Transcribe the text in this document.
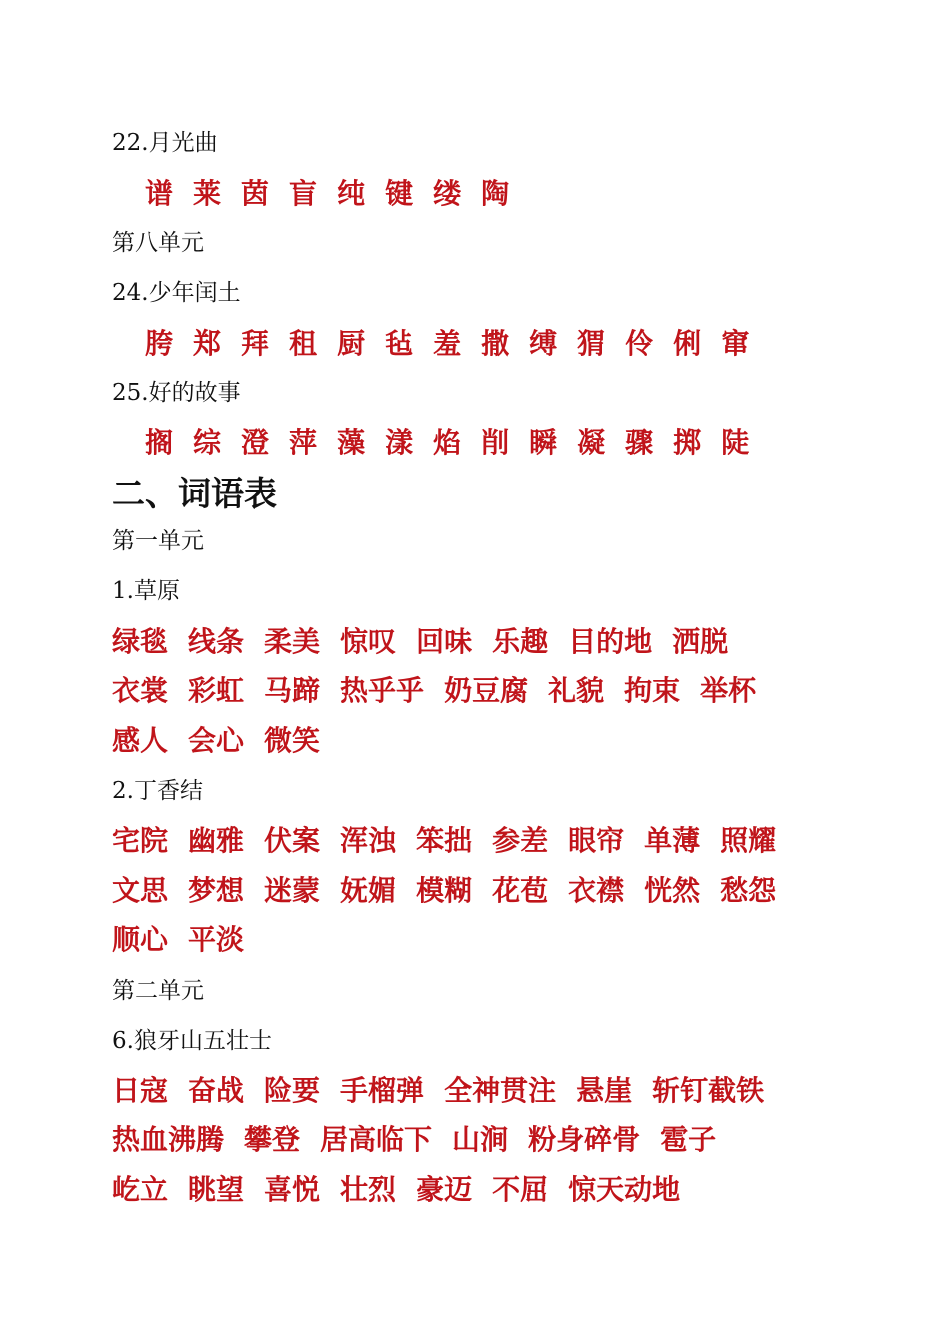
22.月光曲
谱 莱 茵 盲 纯 键 缕 陶
第八单元
24.少年闰土
胯 郑 拜 租 厨 毡 羞 撒 缚 猬 伶 俐 窜
25.好的故事
搁 综 澄 萍 藻 漾 焰 削 瞬 凝 骤 掷 陡
二、词语表
第一单元
1.草原
绿毯 线条 柔美 惊叹 回味 乐趣 目的地 洒脱
衣裳 彩虹 马蹄 热乎乎 奶豆腐 礼貌 拘束 举杯
感人 会心 微笑
2.丁香结
宅院 幽雅 伏案 浑浊 笨拙 参差 眼帘 单薄 照耀
文思 梦想 迷蒙 妩媚 模糊 花苞 衣襟 恍然 愁怨
顺心 平淡
第二单元
6.狼牙山五壮士
日寇 奋战 险要 手榴弹 全神贯注 悬崖 斩钉截铁
热血沸腾 攀登 居高临下 山涧 粉身碎骨 雹子
屹立 眺望 喜悦 壮烈 豪迈 不屈 惊天动地
